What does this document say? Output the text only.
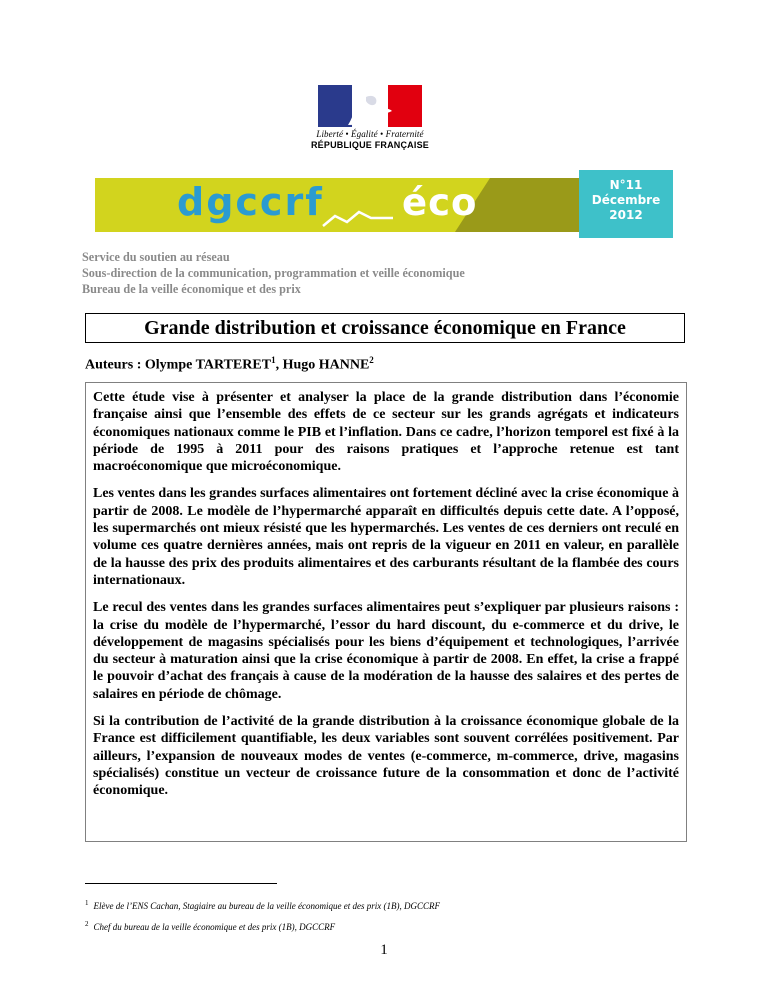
Liberté • Égalité • Fraternité
RÉPUBLIQUE FRANÇAISE
dgccrf éco	N°11
Décembre
2012
Service du soutien au réseau
Sous-direction de la communication, programmation et veille économique
Bureau de la veille économique et des prix
Grande distribution et croissance économique en France
Auteurs : Olympe TARTERET$^1$, Hugo HANNE$^2$

Cette étude vise à présenter et analyser la place de la grande distribution dans l’économie française ainsi que l’ensemble des effets de ce secteur sur les grands agrégats et indicateurs économiques nationaux comme le PIB et l’inflation. Dans ce cadre, l’horizon temporel est fixé à la période de 1995 à 2011 pour des raisons pratiques et l’approche retenue est tant macroéconomique que microéconomique.

Les ventes dans les grandes surfaces alimentaires ont fortement décliné avec la crise économique à partir de 2008. Le modèle de l’hypermarché apparaît en difficultés depuis cette date. A l’opposé, les supermarchés ont mieux résisté que les hypermarchés. Les ventes de ces derniers ont reculé en volume ces quatre dernières années, mais ont repris de la vigueur en 2011 en valeur, en parallèle de la hausse des prix des produits alimentaires et des carburants résultant de la flambée des cours internationaux.

Le recul des ventes dans les grandes surfaces alimentaires peut s’expliquer par plusieurs raisons : la crise du modèle de l’hypermarché, l’essor du hard discount, du e-commerce et du drive, le développement de magasins spécialisés pour les biens d’équipement et technologiques, l’arrivée du secteur à maturation ainsi que la crise économique à partir de 2008. En effet, la crise a frappé le pouvoir d’achat des français à cause de la modération de la hausse des salaires et des pertes de salaires en période de chômage.

Si la contribution de l’activité de la grande distribution à la croissance économique globale de la France est difficilement quantifiable, les deux variables sont souvent corrélées positivement. Par ailleurs, l’expansion de nouveaux modes de ventes (e-commerce, m-commerce, drive, magasins spécialisés) constitue un vecteur de croissance future de la consommation et donc de l’activité économique.

$^1$ Elève de l’ENS Cachan, Stagiaire au bureau de la veille économique et des prix (1B), DGCCRF
$^2$ Chef du bureau de la veille économique et des prix (1B), DGCCRF
1
